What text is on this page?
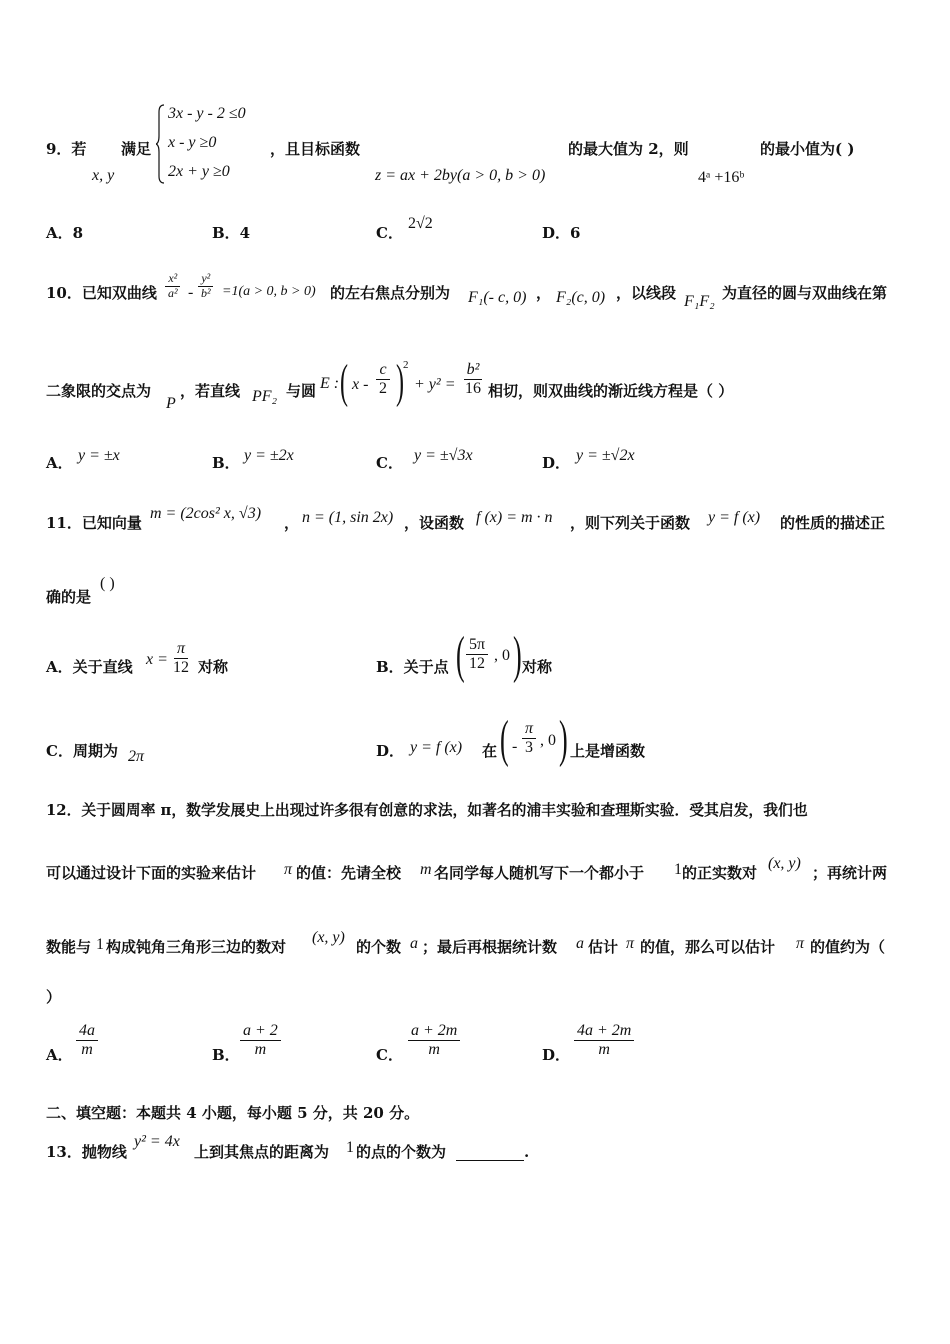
9．若
x, y
满足
3x - y - 2 ≤0
x - y ≥0
2x + y ≥0
，且目标函数
z = ax + 2by(a > 0, b > 0)
的最大值为 2，则
4ᵃ +16ᵇ
的最小值为( )
A．8	B．4	C．
2√2
D．6
10．已知双曲线 $\frac{\text{x²}}{\text{a²}} - \frac{\text{y²}}{\text{b²}} =1(a > 0$, b > 0) 的左右焦点分别为 F₁(- c, 0) ， F₂(c, 0) ，以线段 F₁F₂ 为直径的圆与双曲线在第
二象限的交点为
P
，若直线 PF₂ 与圆 E : ( x - $\frac{c}{2}$ ) 2
+ $y^2 = \frac{\text{b²}}{16}$ 相切，则双曲线的渐近线方程是（ ）
A． y = ±x	B． y = ±2x	C． y = ±√3x	D． y = ±√2x
11．已知向量
m = (2cos² x, √3)
， n = (1, sin 2x) ，设函数 f (x) = m · n ，则下列关于函数 y = f (x) 的性质的描述正
确的是
( )
A．关于直线 $x = \frac{\pi}{12}$ 对称	B．关于点 ( $\frac{5\pi}{12}$ , 0 ) 对称
C．周期为 2π	D． y = f (x) 在 ( - $\frac{\pi}{3}$ , 0 ) 上是增函数
12．关于圆周率 π，数学发展史上出现过许多很有创意的求法，如著名的浦丰实验和查理斯实验．受其启发，我们也
可以通过设计下面的实验来估计 π 的值：先请全校 m 名同学每人随机写下一个都小于 1 的正实数对
(x, y)
；再统计两
数能与 1 构成钝角三角形三边的数对
(x, y)
的个数 a ；最后再根据统计数 a 估计 π 的值，那么可以估计 π 的值约为（
）
A． $\frac{4a}{m}$	B． $\frac{a + 2}{m}$	C． $\frac{a + 2m}{m}$	D． $\frac{4a + 2m}{m}$
二、填空题：本题共 4 小题，每小题 5 分，共 20 分。
13．抛物线
y² = 4x
上到其焦点的距离为 1 的点的个数为	.
